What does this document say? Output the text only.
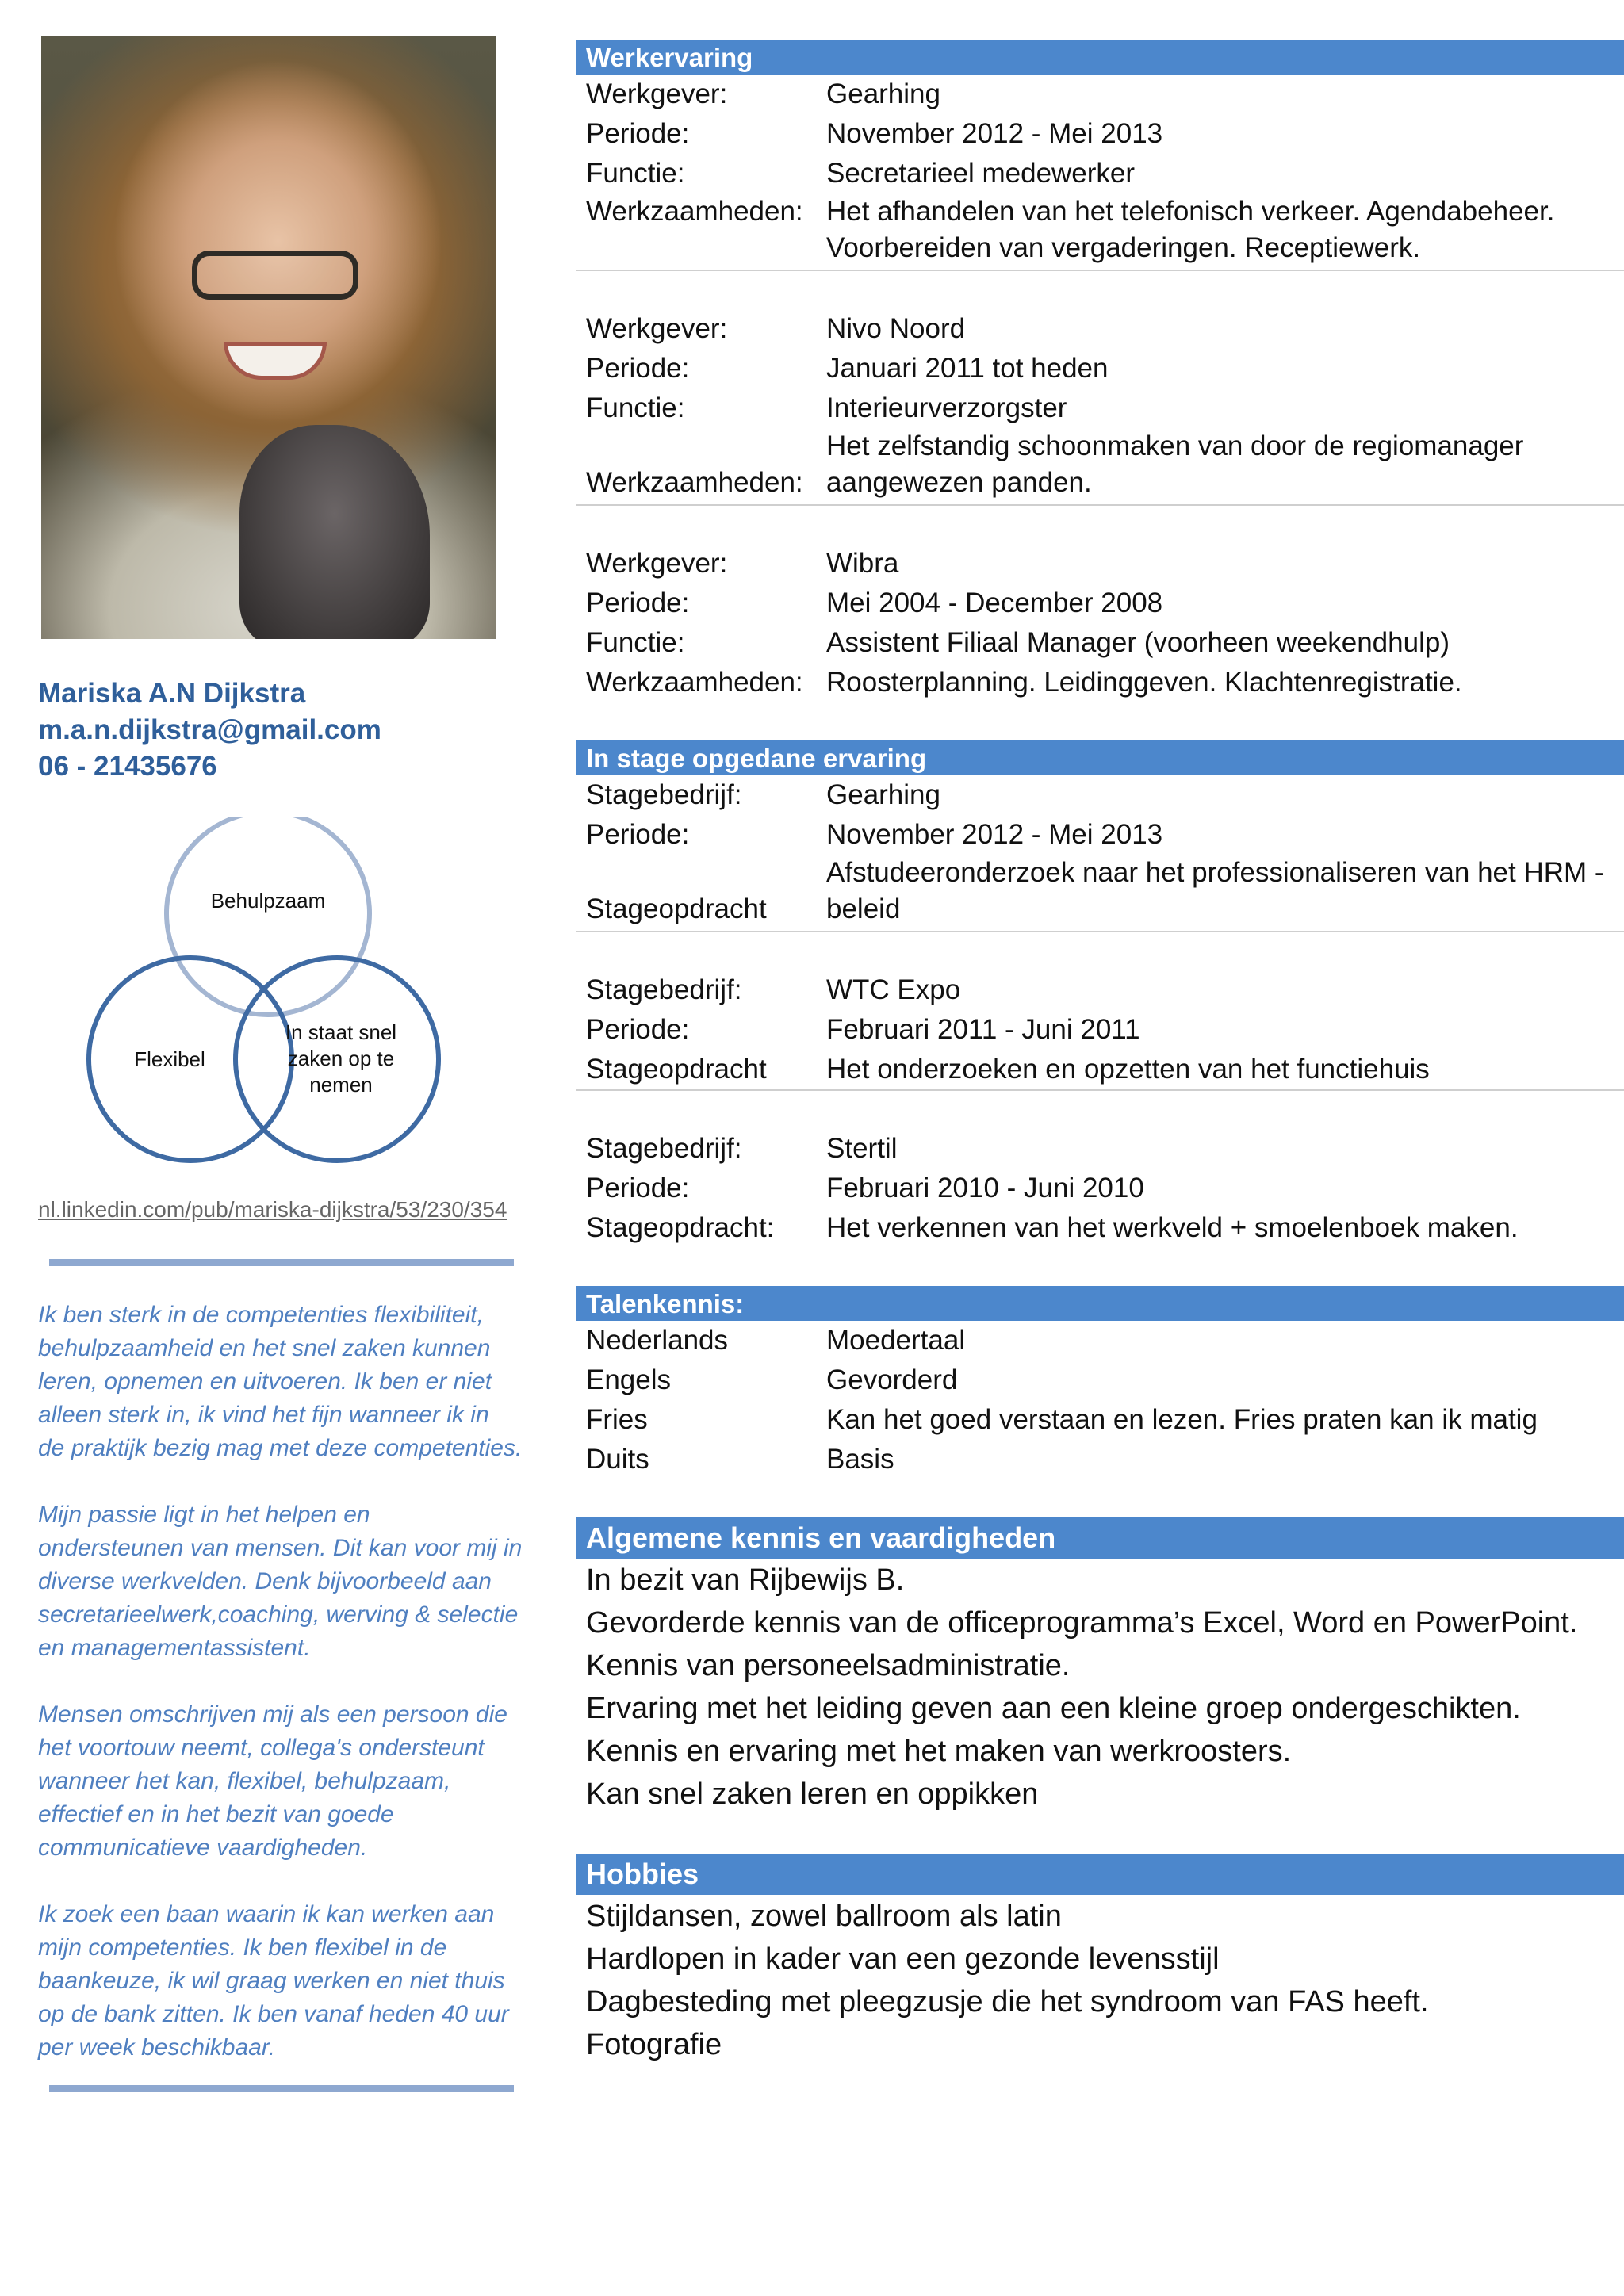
Mariska A.N Dijkstra
m.a.n.dijkstra@gmail.com
06 - 21435676
Behulpzaam
Flexibel
In staat snel
zaken op te
nemen
nl.linkedin.com/pub/mariska-dijkstra/53/230/354

Ik ben sterk in de competenties flexibiliteit,
behulpzaamheid en het snel zaken kunnen
leren, opnemen en uitvoeren. Ik ben er niet
alleen sterk in, ik vind het fijn wanneer ik in
de praktijk bezig mag met deze competenties.

Mijn passie ligt in het helpen en
ondersteunen van mensen. Dit kan voor mij in
diverse werkvelden. Denk bijvoorbeeld aan
secretarieelwerk,coaching, werving & selectie
en managementassistent.

Mensen omschrijven mij als een persoon die
het voortouw neemt, collega's ondersteunt
wanneer het kan, flexibel, behulpzaam,
effectief en in het bezit van goede
communicatieve vaardigheden.

Ik zoek een baan waarin ik kan werken aan
mijn competenties. Ik ben flexibel in de
baankeuze, ik wil graag werken en niet thuis
op de bank zitten. Ik ben vanaf heden 40 uur
per week beschikbaar.

Werkervaring
Werkgever:	Gearhing
Periode:	November 2012 - Mei 2013
Functie:	Secretarieel medewerker
Werkzaamheden: Het afhandelen van het telefonisch verkeer. Agendabeheer.
Voorbereiden van vergaderingen. Receptiewerk.
Werkgever:	Nivo Noord
Periode:	Januari 2011 tot heden
Functie:	Interieurverzorgster
Werkzaamheden:
Het zelfstandig schoonmaken van door de regiomanager
aangewezen panden.
Werkgever:	Wibra
Periode:	Mei 2004 - December 2008
Functie:	Assistent Filiaal Manager (voorheen weekendhulp)
Werkzaamheden: Roosterplanning. Leidinggeven. Klachtenregistratie.
In stage opgedane ervaring
Stagebedrijf:	Gearhing
Periode:	November 2012 - Mei 2013
Stageopdracht
Afstudeeronderzoek naar het professionaliseren van het HRM -
beleid
Stagebedrijf:	WTC Expo
Periode:	Februari 2011 - Juni 2011
Stageopdracht	Het onderzoeken en opzetten van het functiehuis
Stagebedrijf:	Stertil
Periode:	Februari 2010 - Juni 2010
Stageopdracht:	Het verkennen van het werkveld + smoelenboek maken.
Talenkennis:
Nederlands	Moedertaal
Engels	Gevorderd
Fries	Kan het goed verstaan en lezen. Fries praten kan ik matig
Duits	Basis
Algemene kennis en vaardigheden
In bezit van Rijbewijs B.
Gevorderde kennis van de officeprogramma’s Excel, Word en PowerPoint.
Kennis van personeelsadministratie.
Ervaring met het leiding geven aan een kleine groep ondergeschikten.
Kennis en ervaring met het maken van werkroosters.
Kan snel zaken leren en oppikken
Hobbies
Stijldansen, zowel ballroom als latin
Hardlopen in kader van een gezonde levensstijl
Dagbesteding met pleegzusje die het syndroom van FAS heeft.
Fotografie
